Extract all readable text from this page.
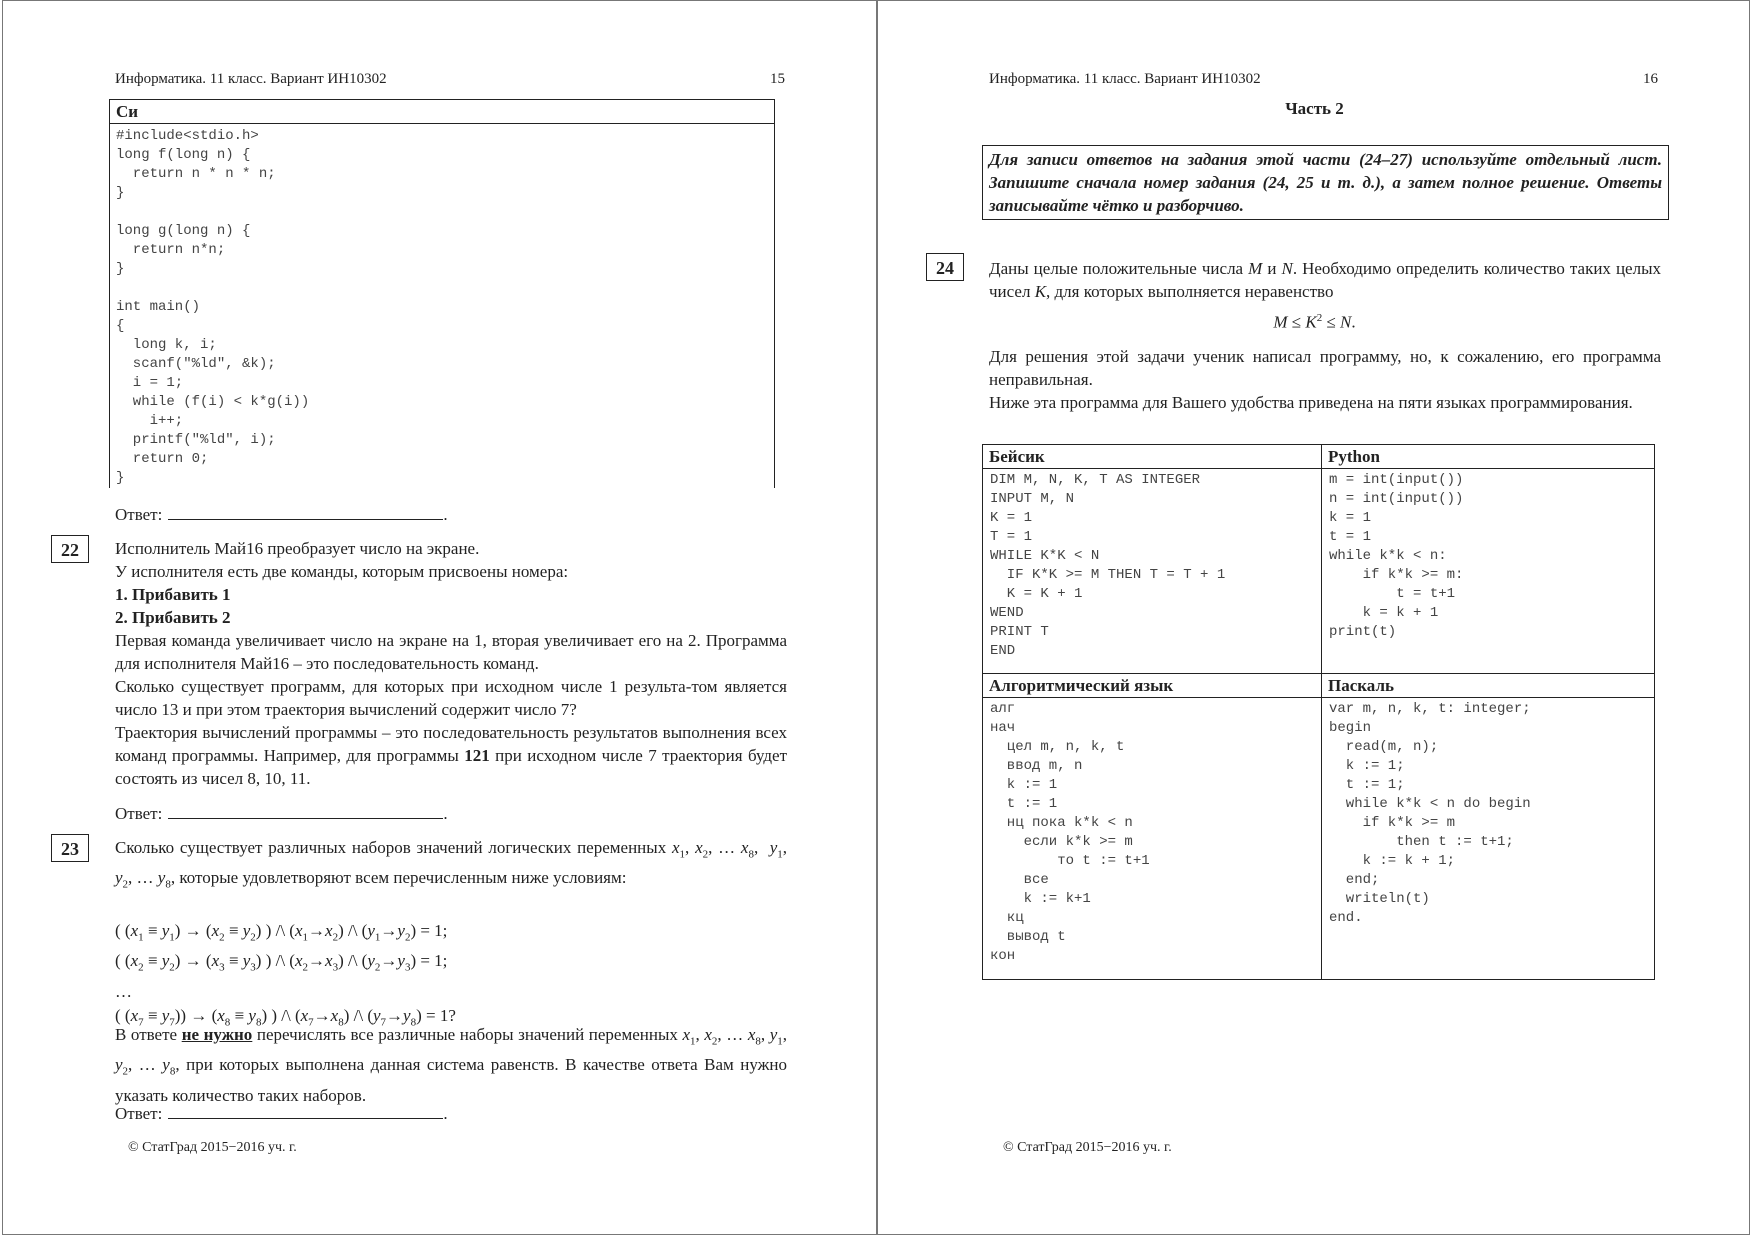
Информатика. 11 класс. Вариант ИН10302	15
Си
#include<stdio.h>
long f(long n) {
return n * n * n;
}

long g(long n) {
return n*n;
}

int main()
{
long k, i;
scanf("%ld", &k);
i = 1;
while (f(i) < k*g(i))
i++;
printf("%ld", i);
return 0;
}
Ответ:	.
22	Исполнитель Май16 преобразует число на экране.
У исполнителя есть две команды, которым присвоены номера:
1. Прибавить 1
2. Прибавить 2
Первая команда увеличивает число на экране на 1, вторая увеличивает его на 2. Программа для исполнителя Май16 – это последовательность команд.
Сколько существует программ, для которых при исходном числе 1 результа-том является число 13 и при этом траектория вычислений содержит число 7?
Траектория вычислений программы – это последовательность результатов выполнения всех команд программы. Например, для программы 121 при исходном числе 7 траектория будет состоять из чисел 8, 10, 11.
Ответ:	.
23	Сколько существует различных наборов значений логических переменных $x_1$, $x_2$, … $x_8$,  $y_1$, $y_2$, … $y_8$, которые удовлетворяют всем перечисленным ниже условиям:
( $(x_1 \equiv y_1) \to (x_2 \equiv y_2)$ ) /\ $(x_1\to x_2)$ /\ $(y_1\to y_2) = 1$;
( $(x_2 \equiv y_2) \to (x_3 \equiv y_3)$ ) /\ $(x_2\to x_3)$ /\ $(y_2\to y_3) = 1$;
…
( $(x_7 \equiv y_7)) \to (x_8 \equiv y_8)$ ) /\ $(x_7\to x_8)$ /\ $(y_7\to y_8) = 1$?
В ответе не нужно перечислять все различные наборы значений переменных $x_1$, $x_2$, … $x_8$, $y_1$, $y_2$, … $y_8$, при которых выполнена данная система равенств. В качестве ответа Вам нужно указать количество таких наборов.
Ответ:	.
© СтатГрад 2015−2016 уч. г.
Информатика. 11 класс. Вариант ИН10302	16
Часть 2
Для записи ответов на задания этой части (24–27) используйте отдельный лист. Запишите сначала номер задания (24, 25 и т. д.), а затем полное решение. Ответы записывайте чётко и разборчиво.
24	Даны целые положительные числа M и N. Необходимо определить количество таких целых чисел K, для которых выполняется неравенство
$M \le K^2 \le N$.
Для решения этой задачи ученик написал программу, но, к сожалению, его программа неправильная.
Ниже эта программа для Вашего удобства приведена на пяти языках программирования.
Бейсик
DIM M, N, K, T AS INTEGER
INPUT M, N
K = 1
T = 1
WHILE K*K < N
IF K*K >= M THEN T = T + 1
K = K + 1
WEND
PRINT T
END
Python
m = int(input())
n = int(input())
k = 1
t = 1
while k*k < n:
if k*k >= m:
t = t+1
k = k + 1
print(t)
Алгоритмический язык
алг
нач
цел m, n, k, t
ввод m, n
k := 1
t := 1
нц пока k*k < n
если k*k >= m
то t := t+1
все
k := k+1
кц
вывод t
кон
Паскаль
var m, n, k, t: integer;
begin
read(m, n);
k := 1;
t := 1;
while k*k < n do begin
if k*k >= m
then t := t+1;
k := k + 1;
end;
writeln(t)
end.
© СтатГрад 2015−2016 уч. г.
